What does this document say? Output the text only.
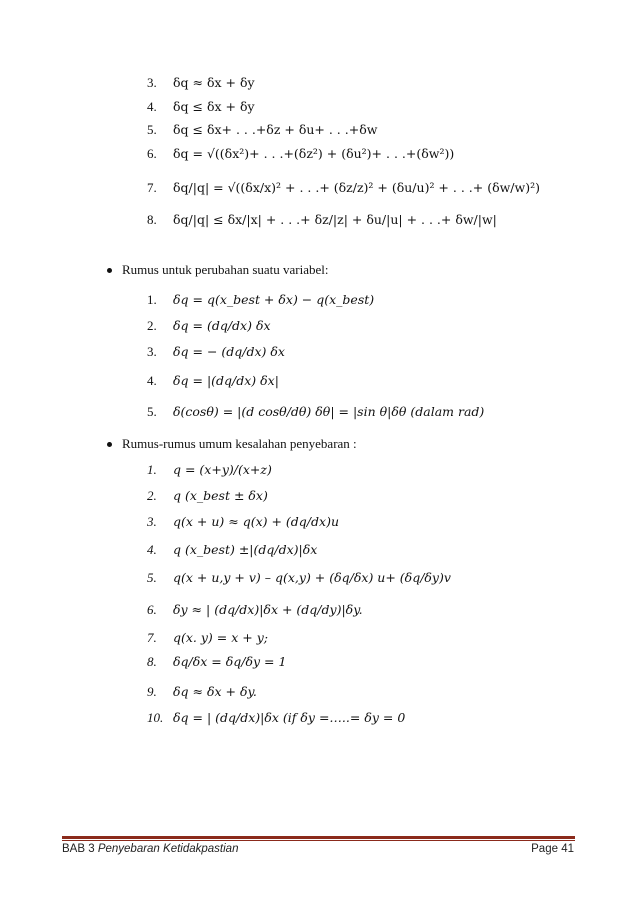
3. δq ≈ δx + δy
4. δq ≤ δx + δy
5. δq ≤ δx+ . . .+δz + δu+ . . .+δw
6. δq = √((δx²)+ . . .+(δz²) + (δu²)+ . . .+(δw²))
7. δq/|q| = √((δx/x)² + . . .+ (δz/z)² + (δu/u)² + . . .+ (δw/w)²)
8. δq/|q| ≤ δx/|x| + . . .+ δz/|z| + δu/|u| + . . .+ δw/|w|
Rumus untuk perubahan suatu variabel:
1. δq = q(x_best + δx) − q(x_best)
2. δq = (dq/dx) δx
3. δq = − (dq/dx) δx
4. δq = |(dq/dx) δx|
5. δ(cosθ) = |(d cosθ/dθ) δθ| = |sin θ|δθ (dalam rad)
Rumus-rumus umum kesalahan penyebaran :
1. q = (x+y)/(x+z)
2. q (x_best ± δx)
3. q(x + u) ≈ q(x) + (dq/dx)u
4. q (x_best) ±|(dq/dx)|δx
5. q(x + u,y + v) – q(x,y) + (δq/δx) u+ (δq/δy)v
6. δy ≈ | (dq/dx)|δx + (dq/dy)|δy.
7. q(x. y) = x + y;
8. δq/δx = δq/δy = 1
9. δq ≈ δx + δy.
10. δq = | (dq/dx)|δx (if δy =…..= δy = 0
BAB 3 Penyebaran Ketidakpastian	Page 41
